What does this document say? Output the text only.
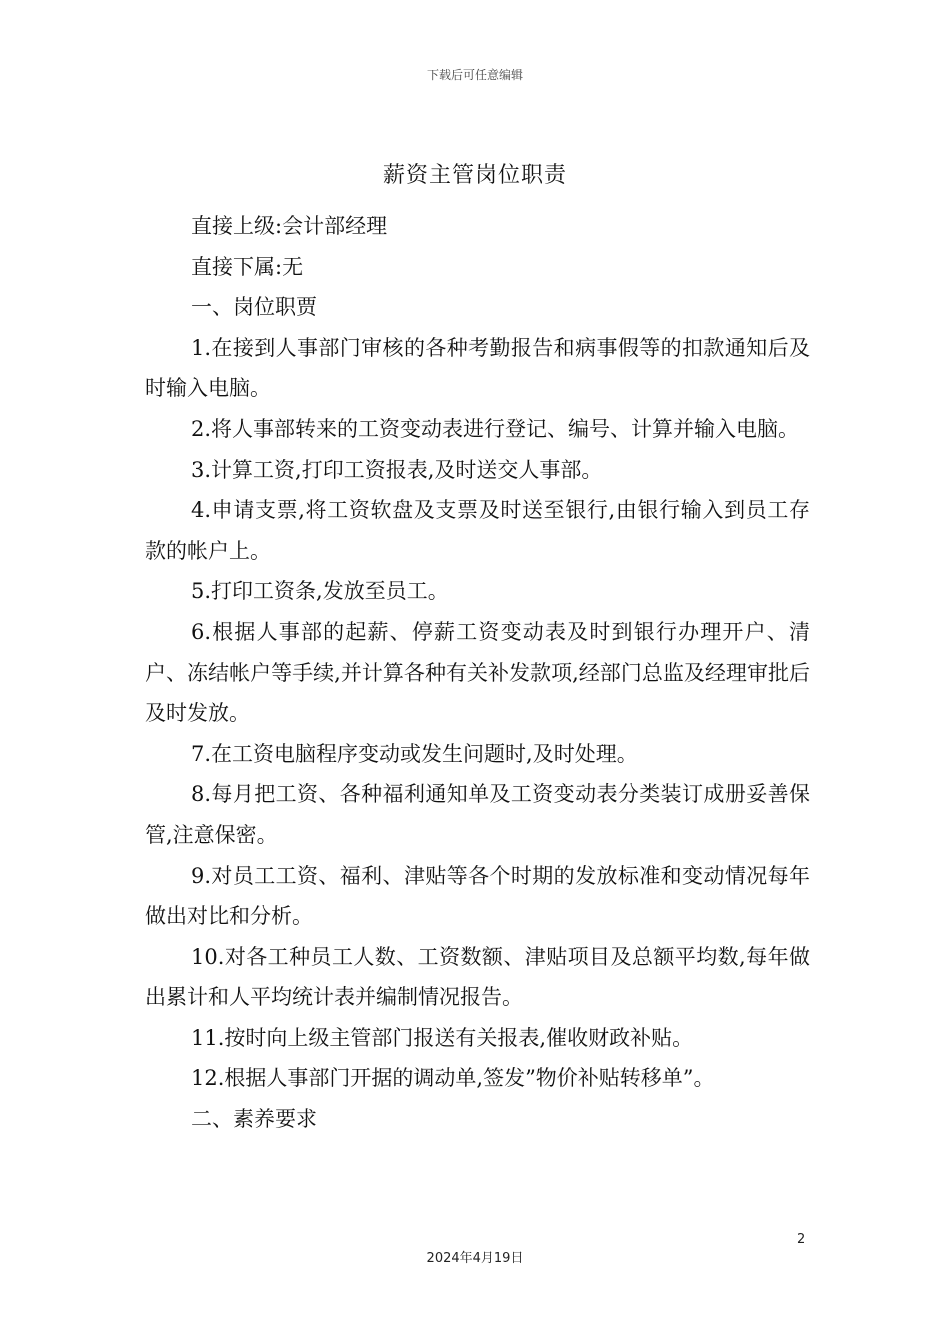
下载后可任意编辑
薪资主管岗位职责

直接上级:会计部经理

直接下属:无

一、岗位职贾

1.在接到人事部门审核的各种考勤报告和病事假等的扣款通知后及时输入电脑。

2.将人事部转来的工资变动表进行登记、编号、计算并输入电脑。

3.计算工资,打印工资报表,及时送交人事部。

4.申请支票,将工资软盘及支票及时送至银行,由银行输入到员工存款的帐户上。

5.打印工资条,发放至员工。

6.根据人事部的起薪、停薪工资变动表及时到银行办理开户、清户、冻结帐户等手续,并计算各种有关补发款项,经部门总监及经理审批后及时发放。

7.在工资电脑程序变动或发生问题时,及时处理。

8.每月把工资、各种福利通知单及工资变动表分类装订成册妥善保管,注意保密。

9.对员工工资、福利、津贴等各个时期的发放标准和变动情况每年做出对比和分析。

10.对各工种员工人数、工资数额、津贴项目及总额平均数,每年做出累计和人平均统计表并编制情况报告。

11.按时向上级主管部门报送有关报表,催收财政补贴。

12.根据人事部门开据的调动单,签发”物价补贴转移单”。

二、素养要求

2
2024年4月19日
